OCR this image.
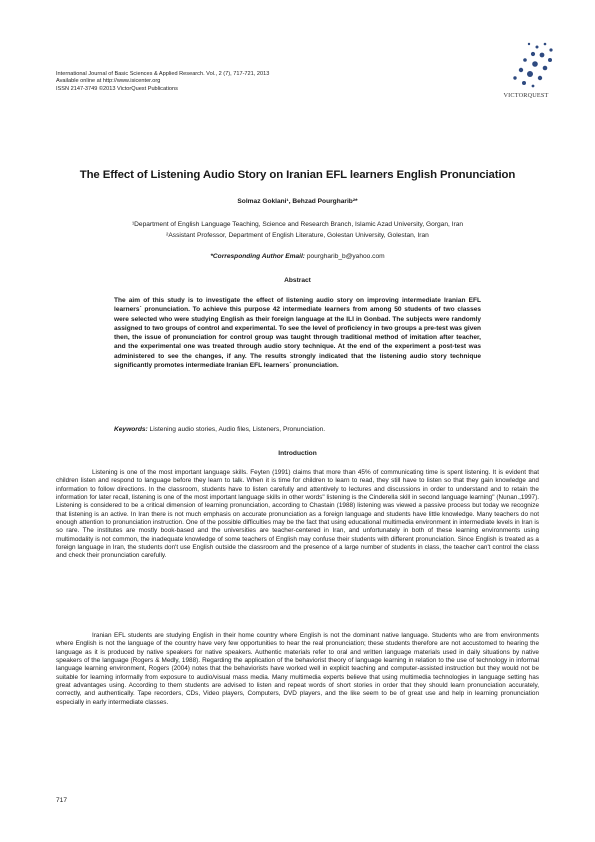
International Journal of Basic Sciences & Applied Research. Vol., 2 (7), 717-721, 2013
Available online at http://www.isicenter.org
ISSN 2147-3749 ©2013 VictorQuest Publications
VICTORQUEST
The Effect of Listening Audio Story on Iranian EFL learners English Pronunciation
Solmaz Goklani¹, Behzad Pourgharib²*
¹Department of English Language Teaching, Science and Research Branch, Islamic Azad University, Gorgan, Iran
²Assistant Professor, Department of English Literature, Golestan University, Golestan, Iran
*Corresponding Author Email: pourgharib_b@yahoo.com
Abstract
The aim of this study is to investigate the effect of listening audio story on improving intermediate Iranian EFL learners` pronunciation. To achieve this purpose 42 intermediate learners from among 50 students of two classes were selected who were studying English as their foreign language at the ILI in Gonbad. The subjects were randomly assigned to two groups of control and experimental. To see the level of proficiency in two groups a pre-test was given then, the issue of pronunciation for control group was taught through traditional method of imitation after teacher, and the experimental one was treated through audio story technique. At the end of the experiment a post-test was administered to see the changes, if any. The results strongly indicated that the listening audio story technique significantly promotes intermediate Iranian EFL learners` pronunciation.
Keywords: Listening audio stories, Audio files, Listeners, Pronunciation.
Introduction
Listening is one of the most important language skills. Feyten (1991) claims that more than 45% of communicating time is spent listening. It is evident that children listen and respond to language before they learn to talk. When it is time for children to learn to read, they still have to listen so that they gain knowledge and information to follow directions. In the classroom, students have to listen carefully and attentively to lectures and discussions in order to understand and to retain the information for later recall, listening is one of the most important language skills in other words" listening is the Cinderella skill in second language learning" (Nunan.,1997). Listening is considered to be a critical dimension of learning pronunciation, according to Chastain (1988) listening was viewed a passive process but today we recognize that listening is an active. In Iran there is not much emphasis on accurate pronunciation as a foreign language and students have little knowledge. Many teachers do not enough attention to pronunciation instruction. One of the possible difficulties may be the fact that using educational multimedia environment in intermediate levels in Iran is so rare. The institutes are mostly book-based and the universities are teacher-centered in Iran, and unfortunately in both of these learning environments using multimodality is not common, the inadequate knowledge of some teachers of English may confuse their students with different pronunciation. Since English is treated as a foreign language in Iran, the students don't use English outside the classroom and the presence of a large number of students in class, the teacher can't control the class and check their pronunciation carefully.
Iranian EFL students are studying English in their home country where English is not the dominant native language. Students who are from environments where English is not the language of the country have very few opportunities to hear the real pronunciation; these students therefore are not accustomed to hearing the language as it is produced by native speakers for native speakers. Authentic materials refer to oral and written language materials used in daily situations by native speakers of the language (Rogers & Medly, 1988). Regarding the application of the behaviorist theory of language learning in relation to the use of technology in informal language learning environment, Rogers (2004) notes that the behaviorists have worked well in explicit teaching and computer-assisted instruction but they would not be suitable for learning informally from exposure to audio/visual mass media. Many multimedia experts believe that using multimedia technologies in language setting has great advantages using. According to them students are advised to listen and repeat words of short stories in order that they should learn pronunciation accurately, correctly, and authentically. Tape recorders, CDs, Video players, Computers, DVD players, and the like seem to be of great use and help in learning pronunciation especially in early intermediate classes.
717
